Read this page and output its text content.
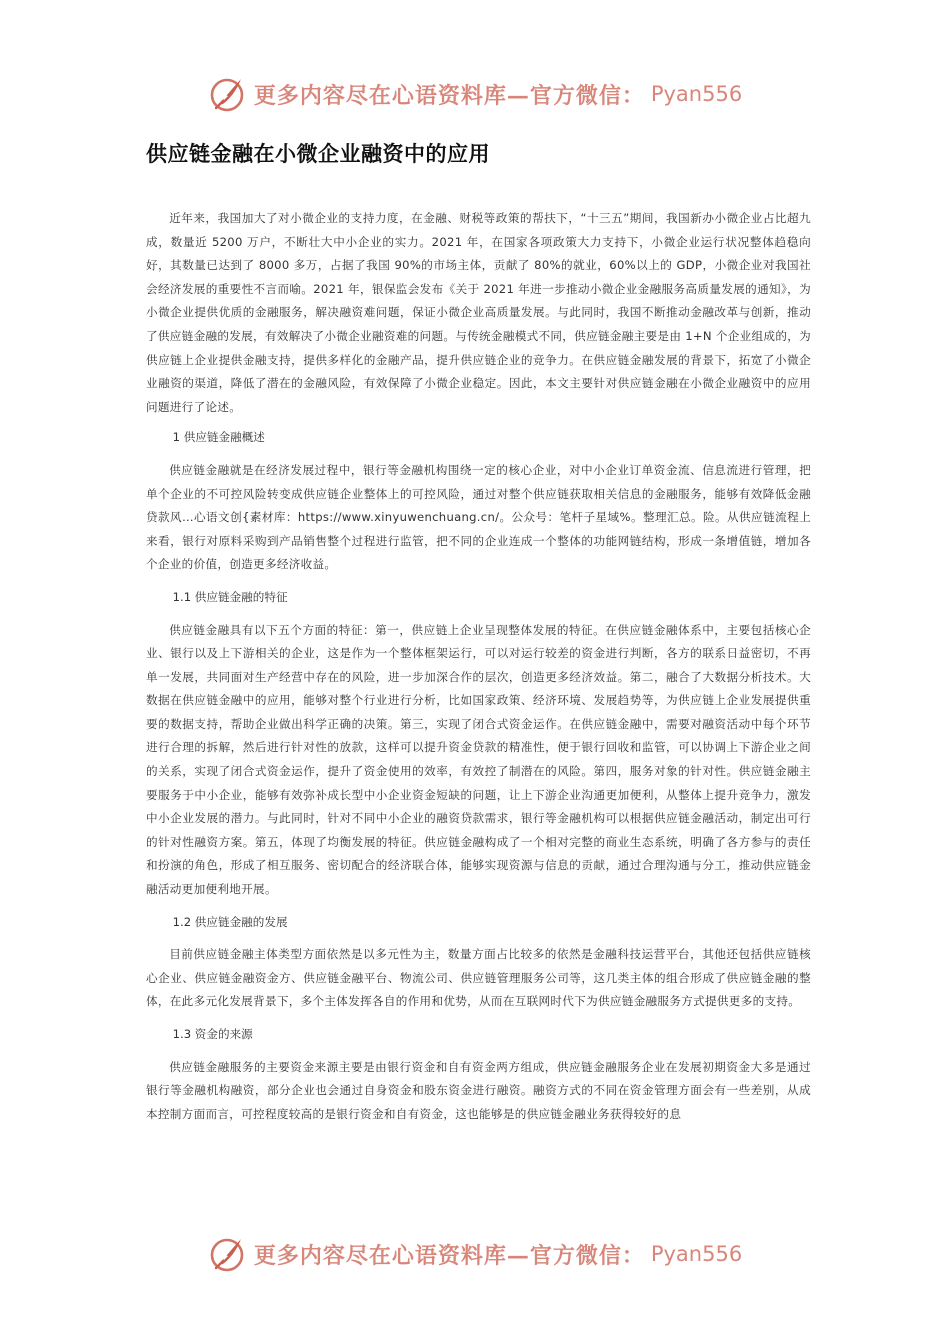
更多内容尽在心语资料库—官方微信： Pyan556
供应链金融在小微企业融资中的应用

近年来，我国加大了对小微企业的支持力度，在金融、财税等政策的帮扶下，“十三五”期间，我国新办小微企业占比超九成，数量近 5200 万户，不断壮大中小企业的实力。2021 年，在国家各项政策大力支持下，小微企业运行状况整体趋稳向好，其数量已达到了 8000 多万，占据了我国 90%的市场主体，贡献了 80%的就业，60%以上的 GDP，小微企业对我国社会经济发展的重要性不言而喻。2021 年，银保监会发布《关于 2021 年进一步推动小微企业金融服务高质量发展的通知》，为小微企业提供优质的金融服务，解决融资难问题，保证小微企业高质量发展。与此同时，我国不断推动金融改革与创新，推动了供应链金融的发展，有效解决了小微企业融资难的问题。与传统金融模式不同，供应链金融主要是由 1+N 个企业组成的，为供应链上企业提供金融支持，提供多样化的金融产品，提升供应链企业的竞争力。在供应链金融发展的背景下，拓宽了小微企业融资的渠道，降低了潜在的金融风险，有效保障了小微企业稳定。因此，本文主要针对供应链金融在小微企业融资中的应用问题进行了论述。

1 供应链金融概述

供应链金融就是在经济发展过程中，银行等金融机构围绕一定的核心企业，对中小企业订单资金流、信息流进行管理，把单个企业的不可控风险转变成供应链企业整体上的可控风险，通过对整个供应链获取相关信息的金融服务，能够有效降低金融贷款风…心语文创{素材库：https://www.xinyuwenchuang.cn/。公众号：笔杆子星域%。整理汇总。险。从供应链流程上来看，银行对原料采购到产品销售整个过程进行监管，把不同的企业连成一个整体的功能网链结构，形成一条增值链，增加各个企业的价值，创造更多经济收益。

1.1 供应链金融的特征

供应链金融具有以下五个方面的特征：第一，供应链上企业呈现整体发展的特征。在供应链金融体系中，主要包括核心企业、银行以及上下游相关的企业，这是作为一个整体框架运行，可以对运行较差的资金进行判断，各方的联系日益密切，不再单一发展，共同面对生产经营中存在的风险，进一步加深合作的层次，创造更多经济效益。第二，融合了大数据分析技术。大数据在供应链金融中的应用，能够对整个行业进行分析，比如国家政策、经济环境、发展趋势等，为供应链上企业发展提供重要的数据支持，帮助企业做出科学正确的决策。第三，实现了闭合式资金运作。在供应链金融中，需要对融资活动中每个环节进行合理的拆解，然后进行针对性的放款，这样可以提升资金贷款的精准性，便于银行回收和监管，可以协调上下游企业之间的关系，实现了闭合式资金运作，提升了资金使用的效率，有效控了制潜在的风险。第四，服务对象的针对性。供应链金融主要服务于中小企业，能够有效弥补成长型中小企业资金短缺的问题，让上下游企业沟通更加便利，从整体上提升竞争力，激发中小企业发展的潜力。与此同时，针对不同中小企业的融资贷款需求，银行等金融机构可以根据供应链金融活动，制定出可行的针对性融资方案。第五，体现了均衡发展的特征。供应链金融构成了一个相对完整的商业生态系统，明确了各方参与的责任和扮演的角色，形成了相互服务、密切配合的经济联合体，能够实现资源与信息的贡献，通过合理沟通与分工，推动供应链金融活动更加便利地开展。

1.2 供应链金融的发展

目前供应链金融主体类型方面依然是以多元性为主，数量方面占比较多的依然是金融科技运营平台，其他还包括供应链核心企业、供应链金融资金方、供应链金融平台、物流公司、供应链管理服务公司等，这几类主体的组合形成了供应链金融的整体，在此多元化发展背景下，多个主体发挥各自的作用和优势，从而在互联网时代下为供应链金融服务方式提供更多的支持。

1.3 资金的来源

供应链金融服务的主要资金来源主要是由银行资金和自有资金两方组成，供应链金融服务企业在发展初期资金大多是通过银行等金融机构融资，部分企业也会通过自身资金和股东资金进行融资。融资方式的不同在资金管理方面会有一些差别，从成本控制方面而言，可控程度较高的是银行资金和自有资金，这也能够是的供应链金融业务获得较好的息

更多内容尽在心语资料库—官方微信： Pyan556
